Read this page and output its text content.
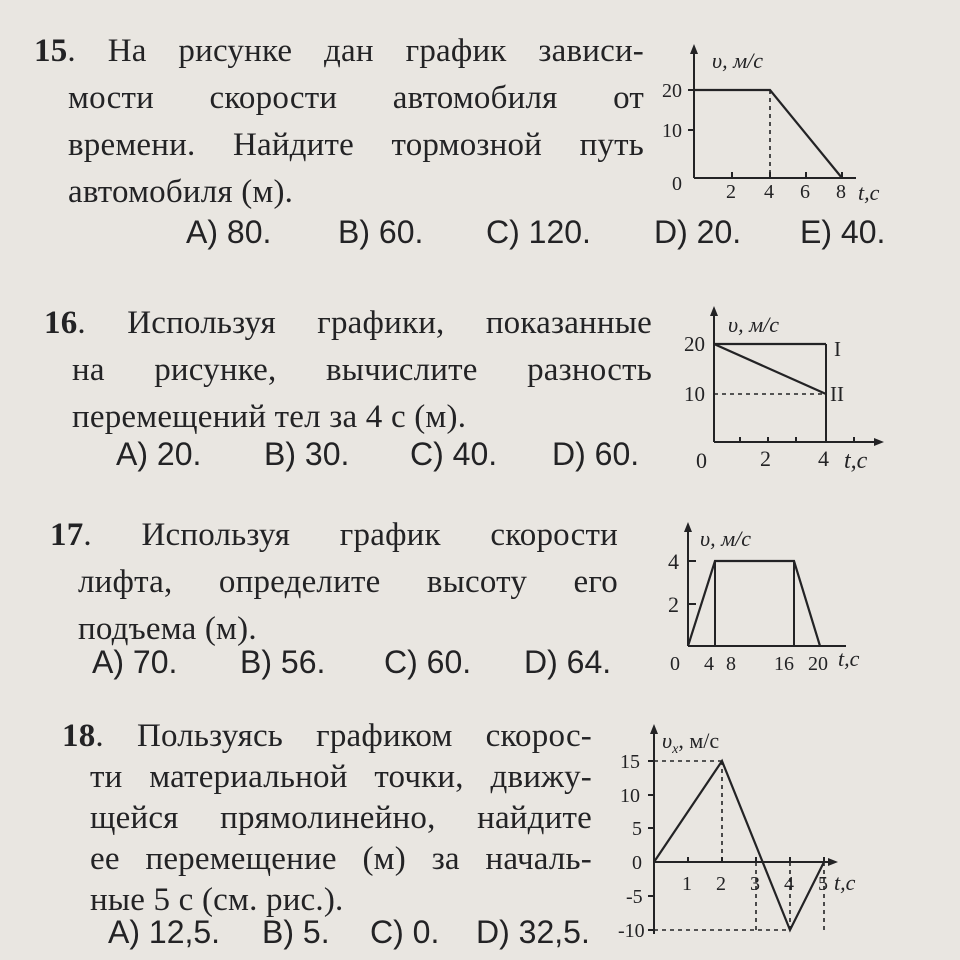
15. На рисунке дан график зависи-
мости скорости автомобиля от
времени. Найдите тормозной путь
автомобиля (м).
A) 80. B) 60. C) 120. D) 20. E) 40.
υ, м/с
20
10
0 2 4 6 8 t,c
16. Используя графики, показанные
на рисунке, вычислите разность
перемещений тел за 4 с (м).
A) 20. B) 30. C) 40. D) 60.
υ, м/с
20
10
I
II
0 2 4 t,c
17. Используя график скорости
лифта, определите высоту его
подъема (м).
A) 70. B) 56. C) 60. D) 64.
υ, м/с
4
2
0 4 8 16 20 t,c
18. Пользуясь графиком скорос-
ти материальной точки, движу-
щейся прямолинейно, найдите
ее перемещение (м) за началь-
ные 5 с (см. рис.).
A) 12,5. B) 5. C) 0. D) 32,5.
$\upsilon_x$, м/с
15
10
5
0
-5
-10
1 2 3 4 5 t,c
